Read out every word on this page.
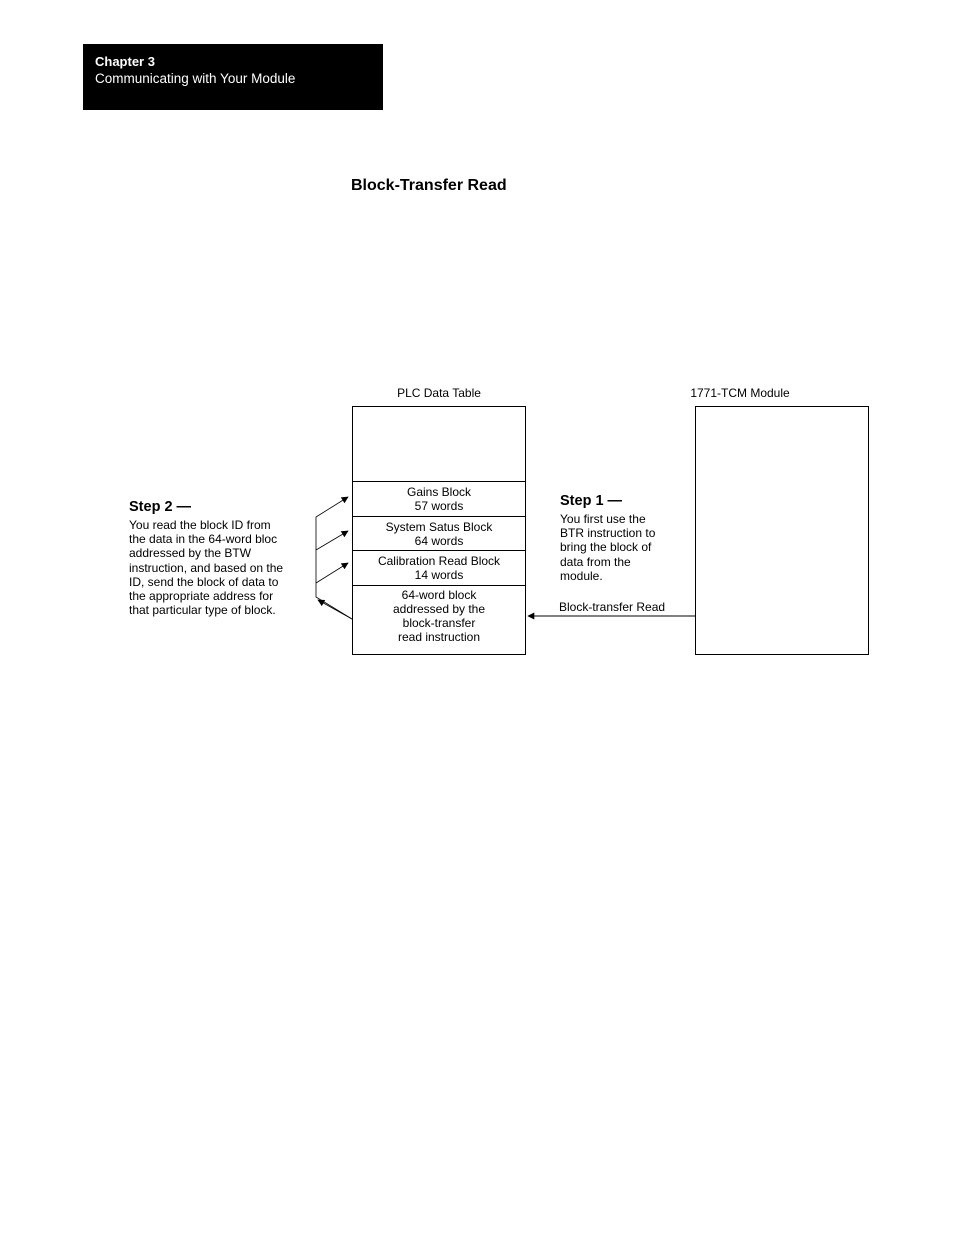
Chapter 3
Communicating with Your Module
Block-Transfer Read
PLC Data Table	1771-TCM Module
Gains Block
57 words
System Satus Block
64 words
Calibration Read Block
14 words
64-word block
addressed by the
block-transfer
read instruction
Step 1 —
You first use the
BTR instruction to
bring the block of
data from the
module.
Step 2 —
You read the block ID from
the data in the 64-word bloc
addressed by the BTW
instruction, and based on the
ID, send the block of data to
the appropriate address for
that particular type of block.	Block-transfer Read
